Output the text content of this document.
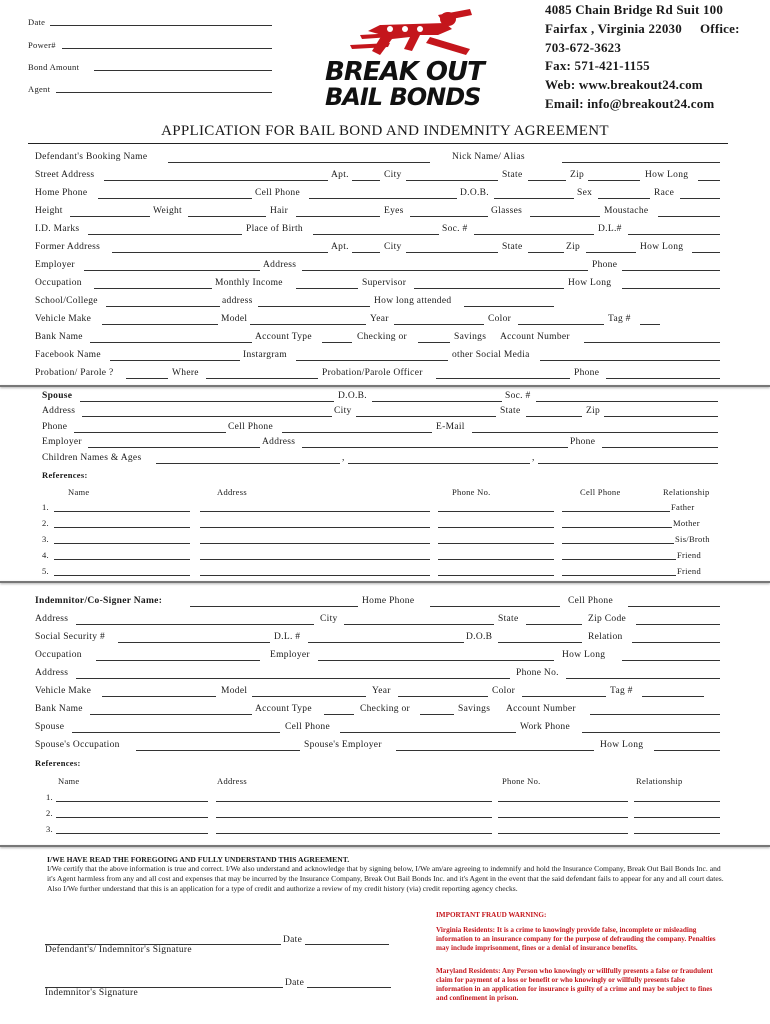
Date
Power#
Bond Amount
Agent
BREAK OUT
BAIL BONDS
4085 Chain Bridge Rd Suit 100
Fairfax , Virginia 22030 Office:
703-672-3623
Fax: 571-421-1155
Web: www.breakout24.com
Email: info@breakout24.com
APPLICATION FOR BAIL BOND AND INDEMNITY AGREEMENT
Defendant's Booking Name	Nick Name/ Alias
Street Address	Apt.	City	State	Zip	How Long
Home Phone	Cell Phone	D.O.B.	Sex	Race
Height	Weight	Hair	Eyes	Glasses	Moustache
I.D. Marks	Place of Birth	Soc. #	D.L.#
Former Address	Apt.	City	State	Zip	How Long
Employer	Address	Phone
Occupation	Monthly Income	Supervisor	How Long
School/College	address	How long attended
Vehicle Make	Model	Year	Color	Tag #
Bank Name	Account Type	Checking or	Savings Account Number
Facebook Name	Instargram	other Social Media
Probation/ Parole ?	Where	Probation/Parole Officer	Phone
Spouse	D.O.B.	Soc. #
Address	City	State	Zip
Phone	Cell Phone	E-Mail
Employer	Address	Phone
Children Names & Ages	,	,
References:
Name	Address	Phone No.	Cell Phone	Relationship
1.	Father
2.	Mother
3.	Sis/Broth
4.	Friend
5.	Friend
Indemnitor/Co-Signer Name:	Home Phone	Cell Phone
Address	City	State	Zip Code
Social Security #	D.L. #	D.O.B	Relation
Occupation	Employer	How Long
Address	Phone No.
Vehicle Make	Model	Year	Color	Tag #
Bank Name	Account Type	Checking or	Savings Account Number
Spouse	Cell Phone	Work Phone
Spouse's Occupation	Spouse's Employer	How Long
References:
Name	Address	Phone No.	Relationship
1.
2.
3.
I/WE HAVE READ THE FOREGOING AND FULLY UNDERSTAND THIS AGREEMENT.
I/We certify that the above information is true and correct. I/We also understand and acknowledge that by signing below, I/We am/are agreeing to indemnify and hold the Insurance Company, Break Out Bail Bonds Inc. and it's Agent harmless from any and all cost and expenses that may be incurred by the Insurance Company, Break Out Bail Bonds Inc. and it's Agent in the event that the said defendant fails to appear for any and all court dates. Also I/We further understand that this is an application for a type of credit and authorize a review of my credit history (via) credit reporting agency checks.
Date
Defendant's/ Indemnitor's Signature
Date
Indemnitor's Signature
IMPORTANT FRAUD WARNING:
Virginia Residents: It is a crime to knowingly provide false, incomplete or misleading information to an insurance company for the purpose of defrauding the company. Penalties may include imprisonment, fines or a denial of insurance benefits.
Maryland Residents: Any Person who knowingly or willfully presents a false or fraudulent claim for payment of a loss or benefit or who knowingly or willfully presents false information in an application for insurance is guilty of a crime and may be subject to fines and confinement in prison.
